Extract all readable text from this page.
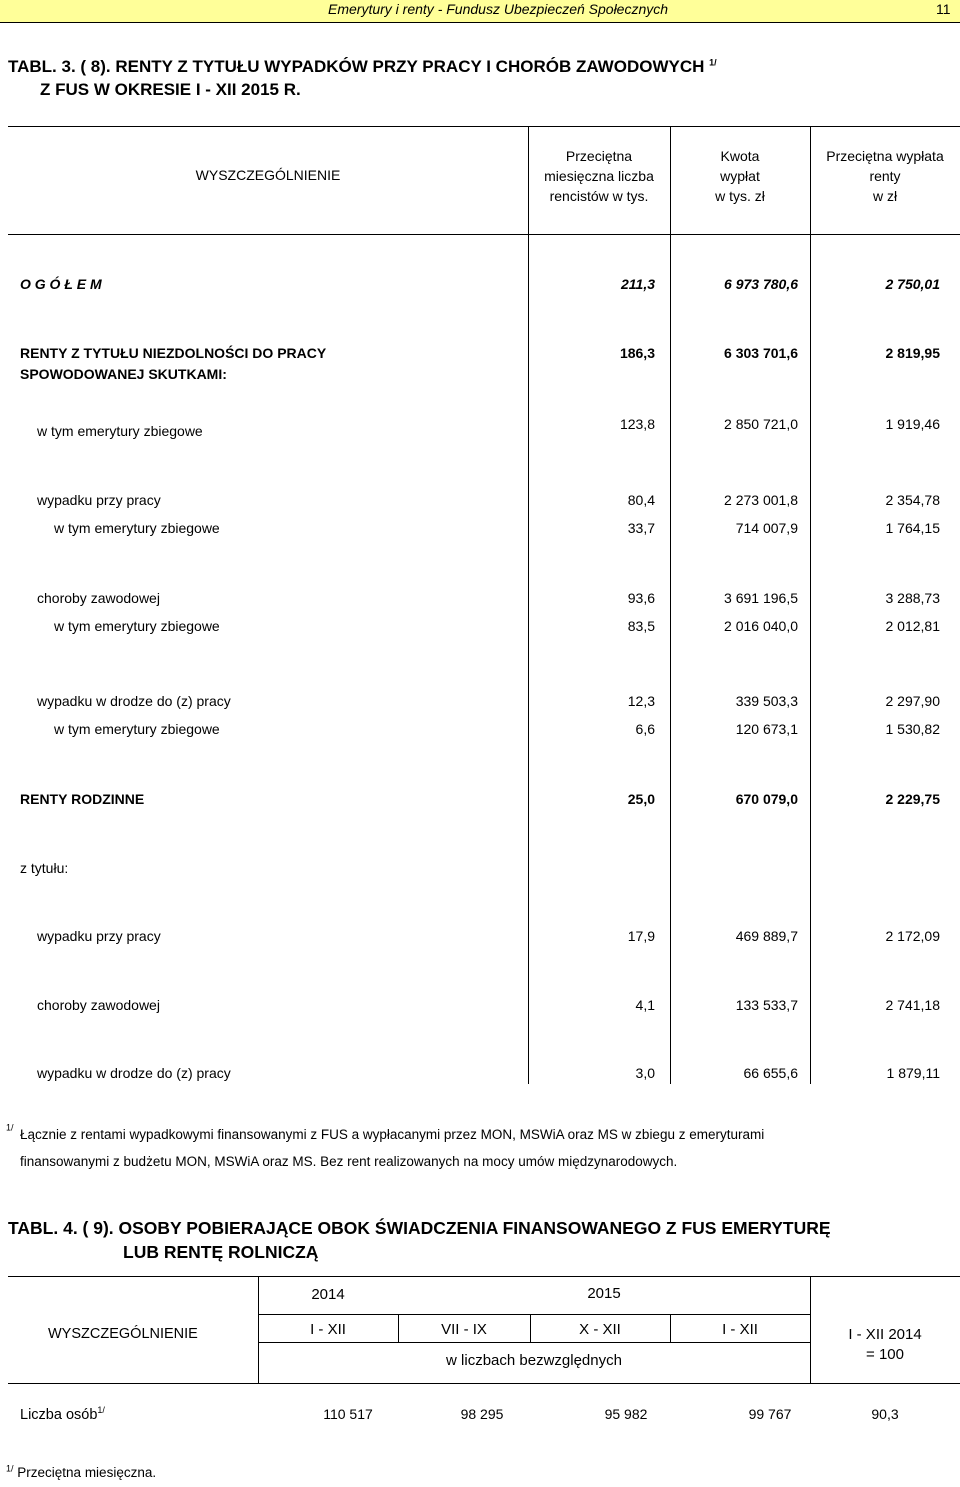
Emerytury i renty - Fundusz Ubezpieczeń Społecznych	11
TABL. 3. ( 8). RENTY Z TYTUŁU WYPADKÓW PRZY PRACY I CHORÓB ZAWODOWYCH $^{1/}$
Z FUS W OKRESIE I - XII 2015 R.
WYSZCZEGÓLNIENIE
Przeciętna
miesięczna liczba
rencistów w tys.
Kwota
wypłat
w tys. zł
Przeciętna wypłata
renty
w zł
O G Ó Ł E M	211,3	6 973 780,6	2 750,01
RENTY Z TYTUŁU NIEZDOLNOŚCI DO PRACY
SPOWODOWANEJ SKUTKAMI:
186,3	6 303 701,6	2 819,95
w tym emerytury zbiegowe	123,8	2 850 721,0	1 919,46
wypadku przy pracy	80,4	2 273 001,8	2 354,78
w tym emerytury zbiegowe	33,7	714 007,9	1 764,15
choroby zawodowej	93,6	3 691 196,5	3 288,73
w tym emerytury zbiegowe	83,5	2 016 040,0	2 012,81
wypadku w drodze do (z) pracy	12,3	339 503,3	2 297,90
w tym emerytury zbiegowe	6,6	120 673,1	1 530,82
RENTY RODZINNE	25,0	670 079,0	2 229,75
z tytułu:
wypadku przy pracy	17,9	469 889,7	2 172,09
choroby zawodowej	4,1	133 533,7	2 741,18
wypadku w drodze do (z) pracy	3,0	66 655,6	1 879,11
$^{1/}$ Łącznie z rentami wypadkowymi finansowanymi z FUS a wypłacanymi przez MON, MSWiA oraz MS w zbiegu z emeryturami
finansowanymi z budżetu MON, MSWiA oraz MS. Bez rent realizowanych na mocy umów międzynarodowych.
TABL. 4. ( 9). OSOBY POBIERAJĄCE OBOK ŚWIADCZENIA FINANSOWANEGO Z FUS EMERYTURĘ
LUB RENTĘ ROLNICZĄ
WYSZCZEGÓLNIENIE
2014	2015
I - XII	VII - IX	X - XII	I - XII
w liczbach bezwzględnych
I - XII 2014
= 100
Liczba osób$^{1/}$	110 517	98 295	95 982	99 767	90,3
$^{1/}$ Przeciętna miesięczna.
